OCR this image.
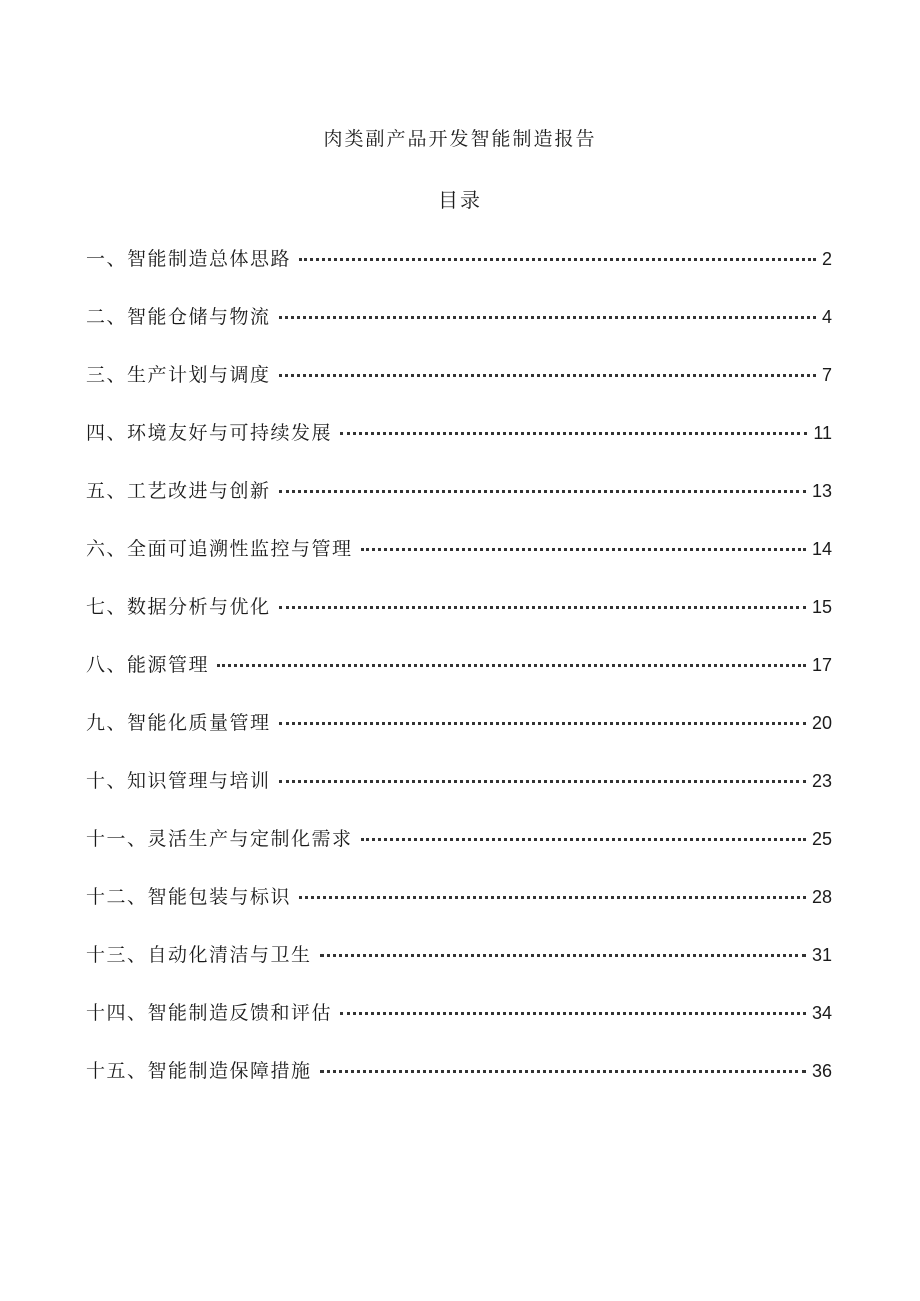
肉类副产品开发智能制造报告
目录
一、智能制造总体思路	2
二、智能仓储与物流	4
三、生产计划与调度	7
四、环境友好与可持续发展	11
五、工艺改进与创新	13
六、全面可追溯性监控与管理	14
七、数据分析与优化	15
八、能源管理	17
九、智能化质量管理	20
十、知识管理与培训	23
十一、灵活生产与定制化需求	25
十二、智能包装与标识	28
十三、自动化清洁与卫生	31
十四、智能制造反馈和评估	34
十五、智能制造保障措施	36
